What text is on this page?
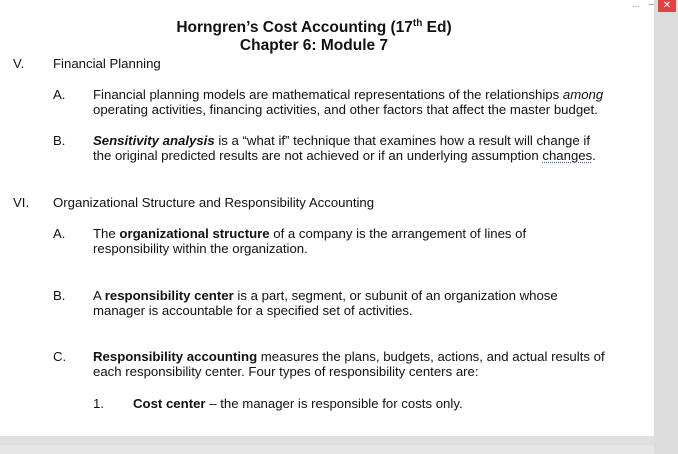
Horngren’s Cost Accounting (17th Ed)
Chapter 6: Module 7
V. Financial Planning
A. Financial planning models are mathematical representations of the relationships among
operating activities, financing activities, and other factors that affect the master budget.
B. Sensitivity analysis is a “what if” technique that examines how a result will change if
the original predicted results are not achieved or if an underlying assumption changes.
VI. Organizational Structure and Responsibility Accounting
A. The organizational structure of a company is the arrangement of lines of
responsibility within the organization.
B. A responsibility center is a part, segment, or subunit of an organization whose
manager is accountable for a specified set of activities.
C. Responsibility accounting measures the plans, budgets, actions, and actual results of
each responsibility center. Four types of responsibility centers are:
1. Cost center – the manager is responsible for costs only.
... – ✕
